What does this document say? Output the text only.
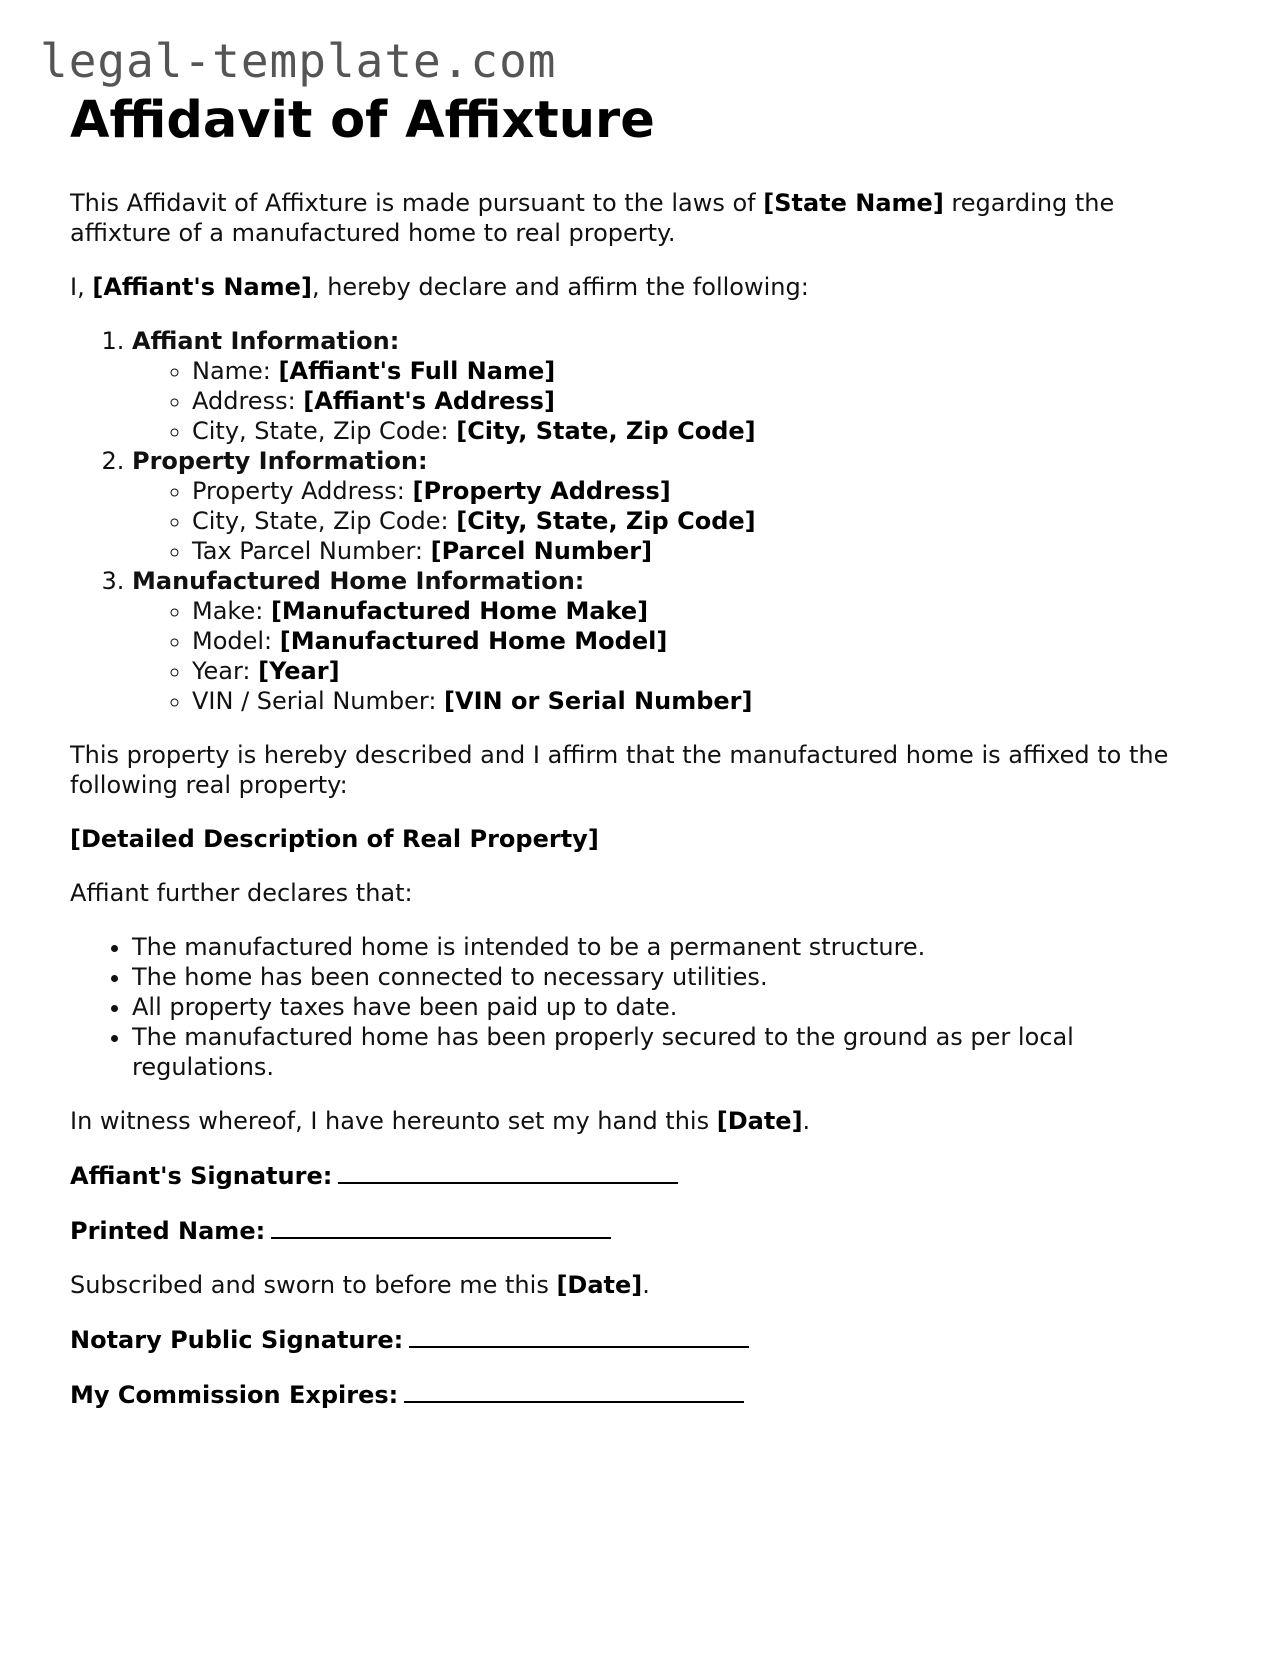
legal-template.com
Affidavit of Affixture

This Affidavit of Affixture is made pursuant to the laws of [State Name] regarding the affixture of a manufactured home to real property.

I, [Affiant's Name], hereby declare and affirm the following:

1. Affiant Information:
◦ Name: [Affiant's Full Name]
◦ Address: [Affiant's Address]
◦ City, State, Zip Code: [City, State, Zip Code]
2. Property Information:
◦ Property Address: [Property Address]
◦ City, State, Zip Code: [City, State, Zip Code]
◦ Tax Parcel Number: [Parcel Number]
3. Manufactured Home Information:
◦ Make: [Manufactured Home Make]
◦ Model: [Manufactured Home Model]
◦ Year: [Year]
◦ VIN / Serial Number: [VIN or Serial Number]

This property is hereby described and I affirm that the manufactured home is affixed to the following real property:

[Detailed Description of Real Property]

Affiant further declares that:

• The manufactured home is intended to be a permanent structure.
• The home has been connected to necessary utilities.
• All property taxes have been paid up to date.
• The manufactured home has been properly secured to the ground as per local regulations.

In witness whereof, I have hereunto set my hand this [Date].

Affiant's Signature:

Printed Name:

Subscribed and sworn to before me this [Date].

Notary Public Signature:

My Commission Expires:
